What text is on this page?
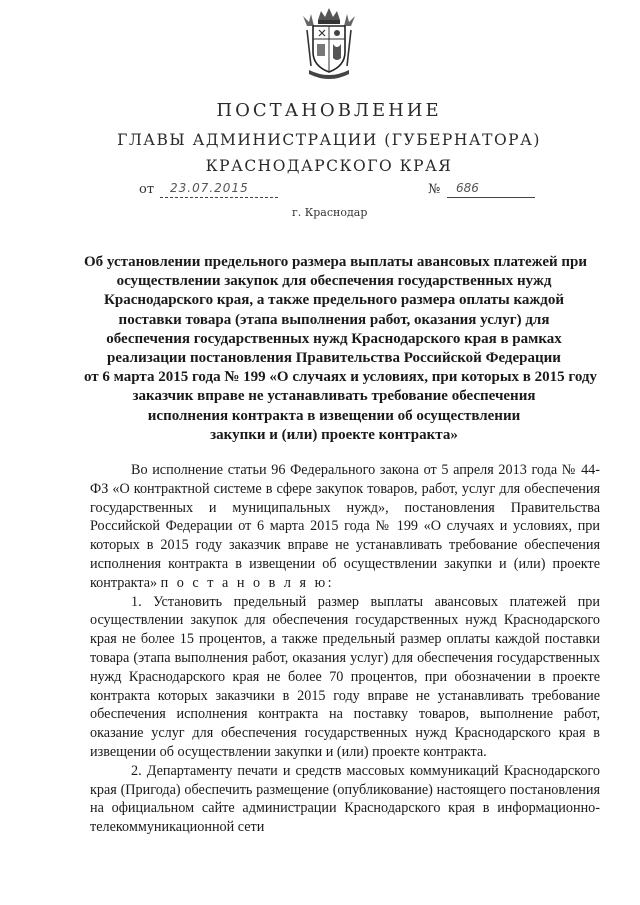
ПОСТАНОВЛЕНИЕ
ГЛАВЫ АДМИНИСТРАЦИИ (ГУБЕРНАТОРА)
КРАСНОДАРСКОГО КРАЯ
от 23.07.2015	№ 686
г. Краснодар
Об установлении предельного размера выплаты авансовых платежей при
осуществлении закупок для обеспечения государственных нужд
Краснодарского края, а также предельного размера оплаты каждой
поставки товара (этапа выполнения работ, оказания услуг) для
обеспечения государственных нужд Краснодарского края в рамках
реализации постановления Правительства Российской Федерации
от 6 марта 2015 года № 199 «О случаях и условиях, при которых в 2015 году
заказчик вправе не устанавливать требование обеспечения
исполнения контракта в извещении об осуществлении
закупки и (или) проекте контракта»

Во исполнение статьи 96 Федерального закона от 5 апреля 2013 года № 44-ФЗ «О контрактной системе в сфере закупок товаров, работ, услуг для обеспечения государственных и муниципальных нужд», постановления Правительства Российской Федерации от 6 марта 2015 года № 199 «О случаях и условиях, при которых в 2015 году заказчик вправе не устанавливать требование обеспечения исполнения контракта в извещении об осуществлении закупки и (или) проекте контракта» п о с т а н о в л я ю:

1. Установить предельный размер выплаты авансовых платежей при осуществлении закупок для обеспечения государственных нужд Краснодарского края не более 15 процентов, а также предельный размер оплаты каждой поставки товара (этапа выполнения работ, оказания услуг) для обеспечения государственных нужд Краснодарского края не более 70 процентов, при обозначении в проекте контракта которых заказчики в 2015 году вправе не устанавливать требование обеспечения исполнения контракта на поставку товаров, выполнение работ, оказание услуг для обеспечения государственных нужд Краснодарского края в извещении об осуществлении закупки и (или) проекте контракта.

2. Департаменту печати и средств массовых коммуникаций Краснодарского края (Пригода) обеспечить размещение (опубликование) настоящего постановления на официальном сайте администрации Краснодарского края в информационно-телекоммуникационной сети
